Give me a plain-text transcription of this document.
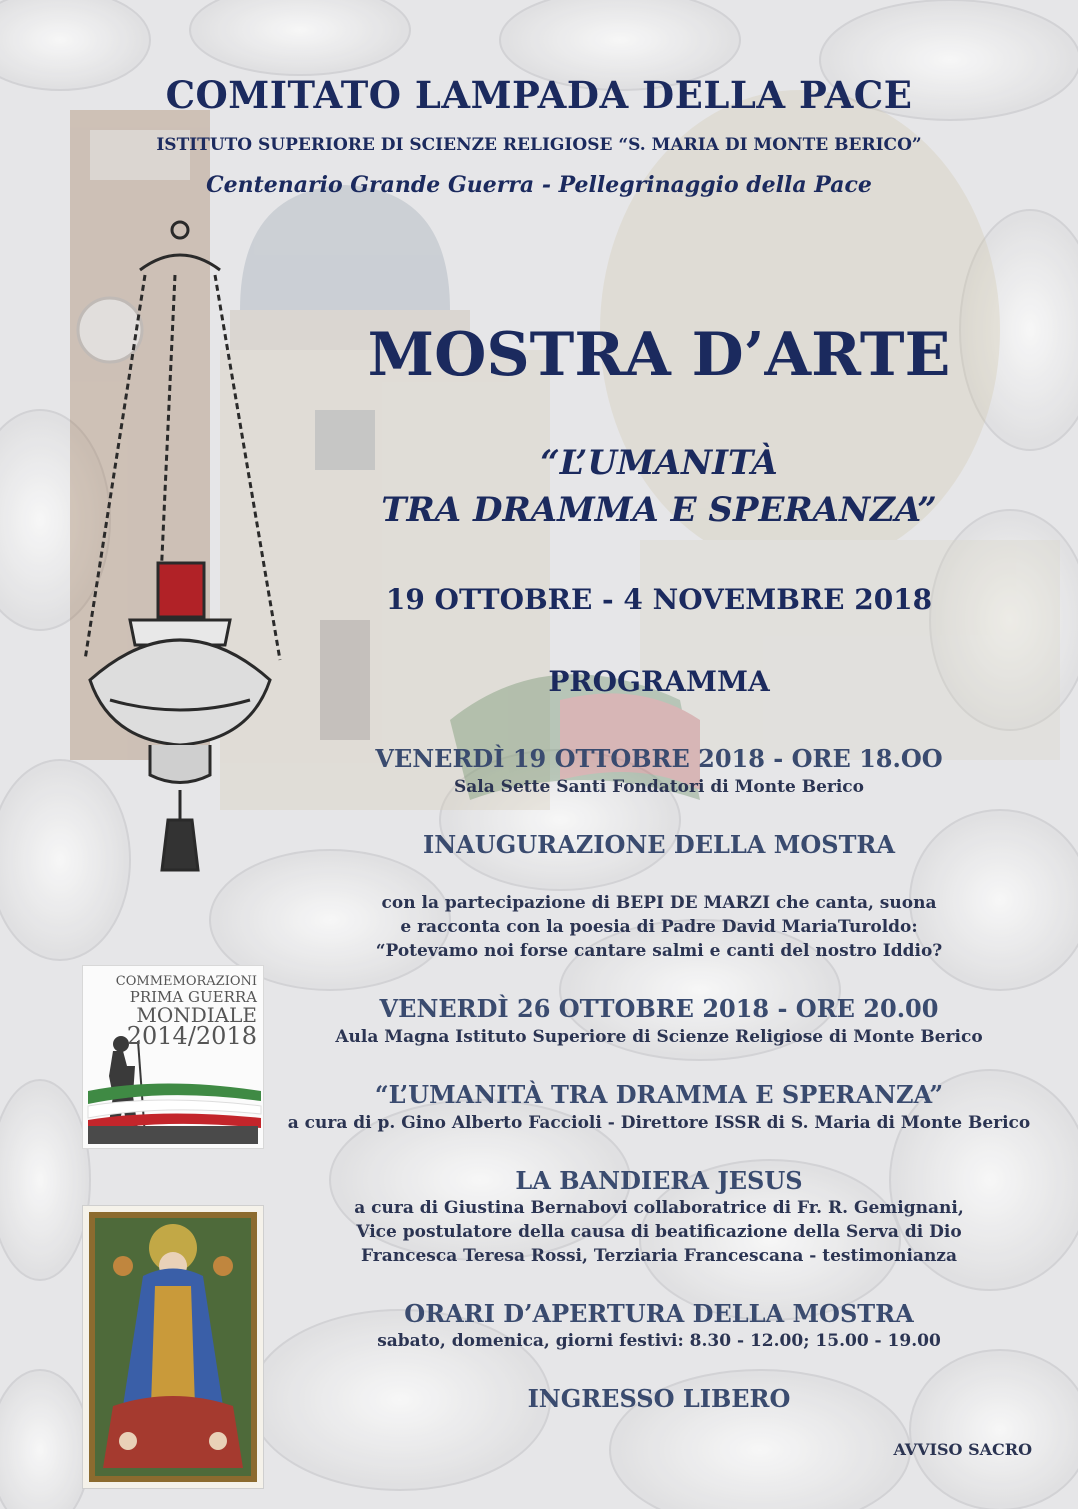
COMITATO LAMPADA DELLA PACE
ISTITUTO SUPERIORE DI SCIENZE RELIGIOSE “S. MARIA DI MONTE BERICO”
Centenario Grande Guerra - Pellegrinaggio della Pace
MOSTRA D’ARTE
“L’UMANITÀ
TRA DRAMMA E SPERANZA”
19 OTTOBRE - 4 NOVEMBRE 2018
PROGRAMMA
VENERDÌ 19 OTTOBRE 2018 - ORE 18.OO
Sala Sette Santi Fondatori di Monte Berico
INAUGURAZIONE DELLA MOSTRA
con la partecipazione di BEPI DE MARZI che canta, suona
e racconta con la poesia di Padre David MariaTuroldo:
“Potevamo noi forse cantare salmi e canti del nostro Iddio?
VENERDÌ 26 OTTOBRE 2018 - ORE 20.00
Aula Magna Istituto Superiore di Scienze Religiose di Monte Berico
“L’UMANITÀ TRA DRAMMA E SPERANZA”
a cura di p. Gino Alberto Faccioli - Direttore ISSR di S. Maria di Monte Berico
LA BANDIERA JESUS
a cura di Giustina Bernabovi collaboratrice di Fr. R. Gemignani,
Vice postulatore della causa di beatificazione della Serva di Dio
Francesca Teresa Rossi, Terziaria Francescana - testimonianza
ORARI D’APERTURA DELLA MOSTRA
sabato, domenica, giorni festivi: 8.30 - 12.00; 15.00 - 19.00
INGRESSO LIBERO
AVVISO SACRO
COMMEMORAZIONI
PRIMA GUERRA
MONDIALE
2014/2018
